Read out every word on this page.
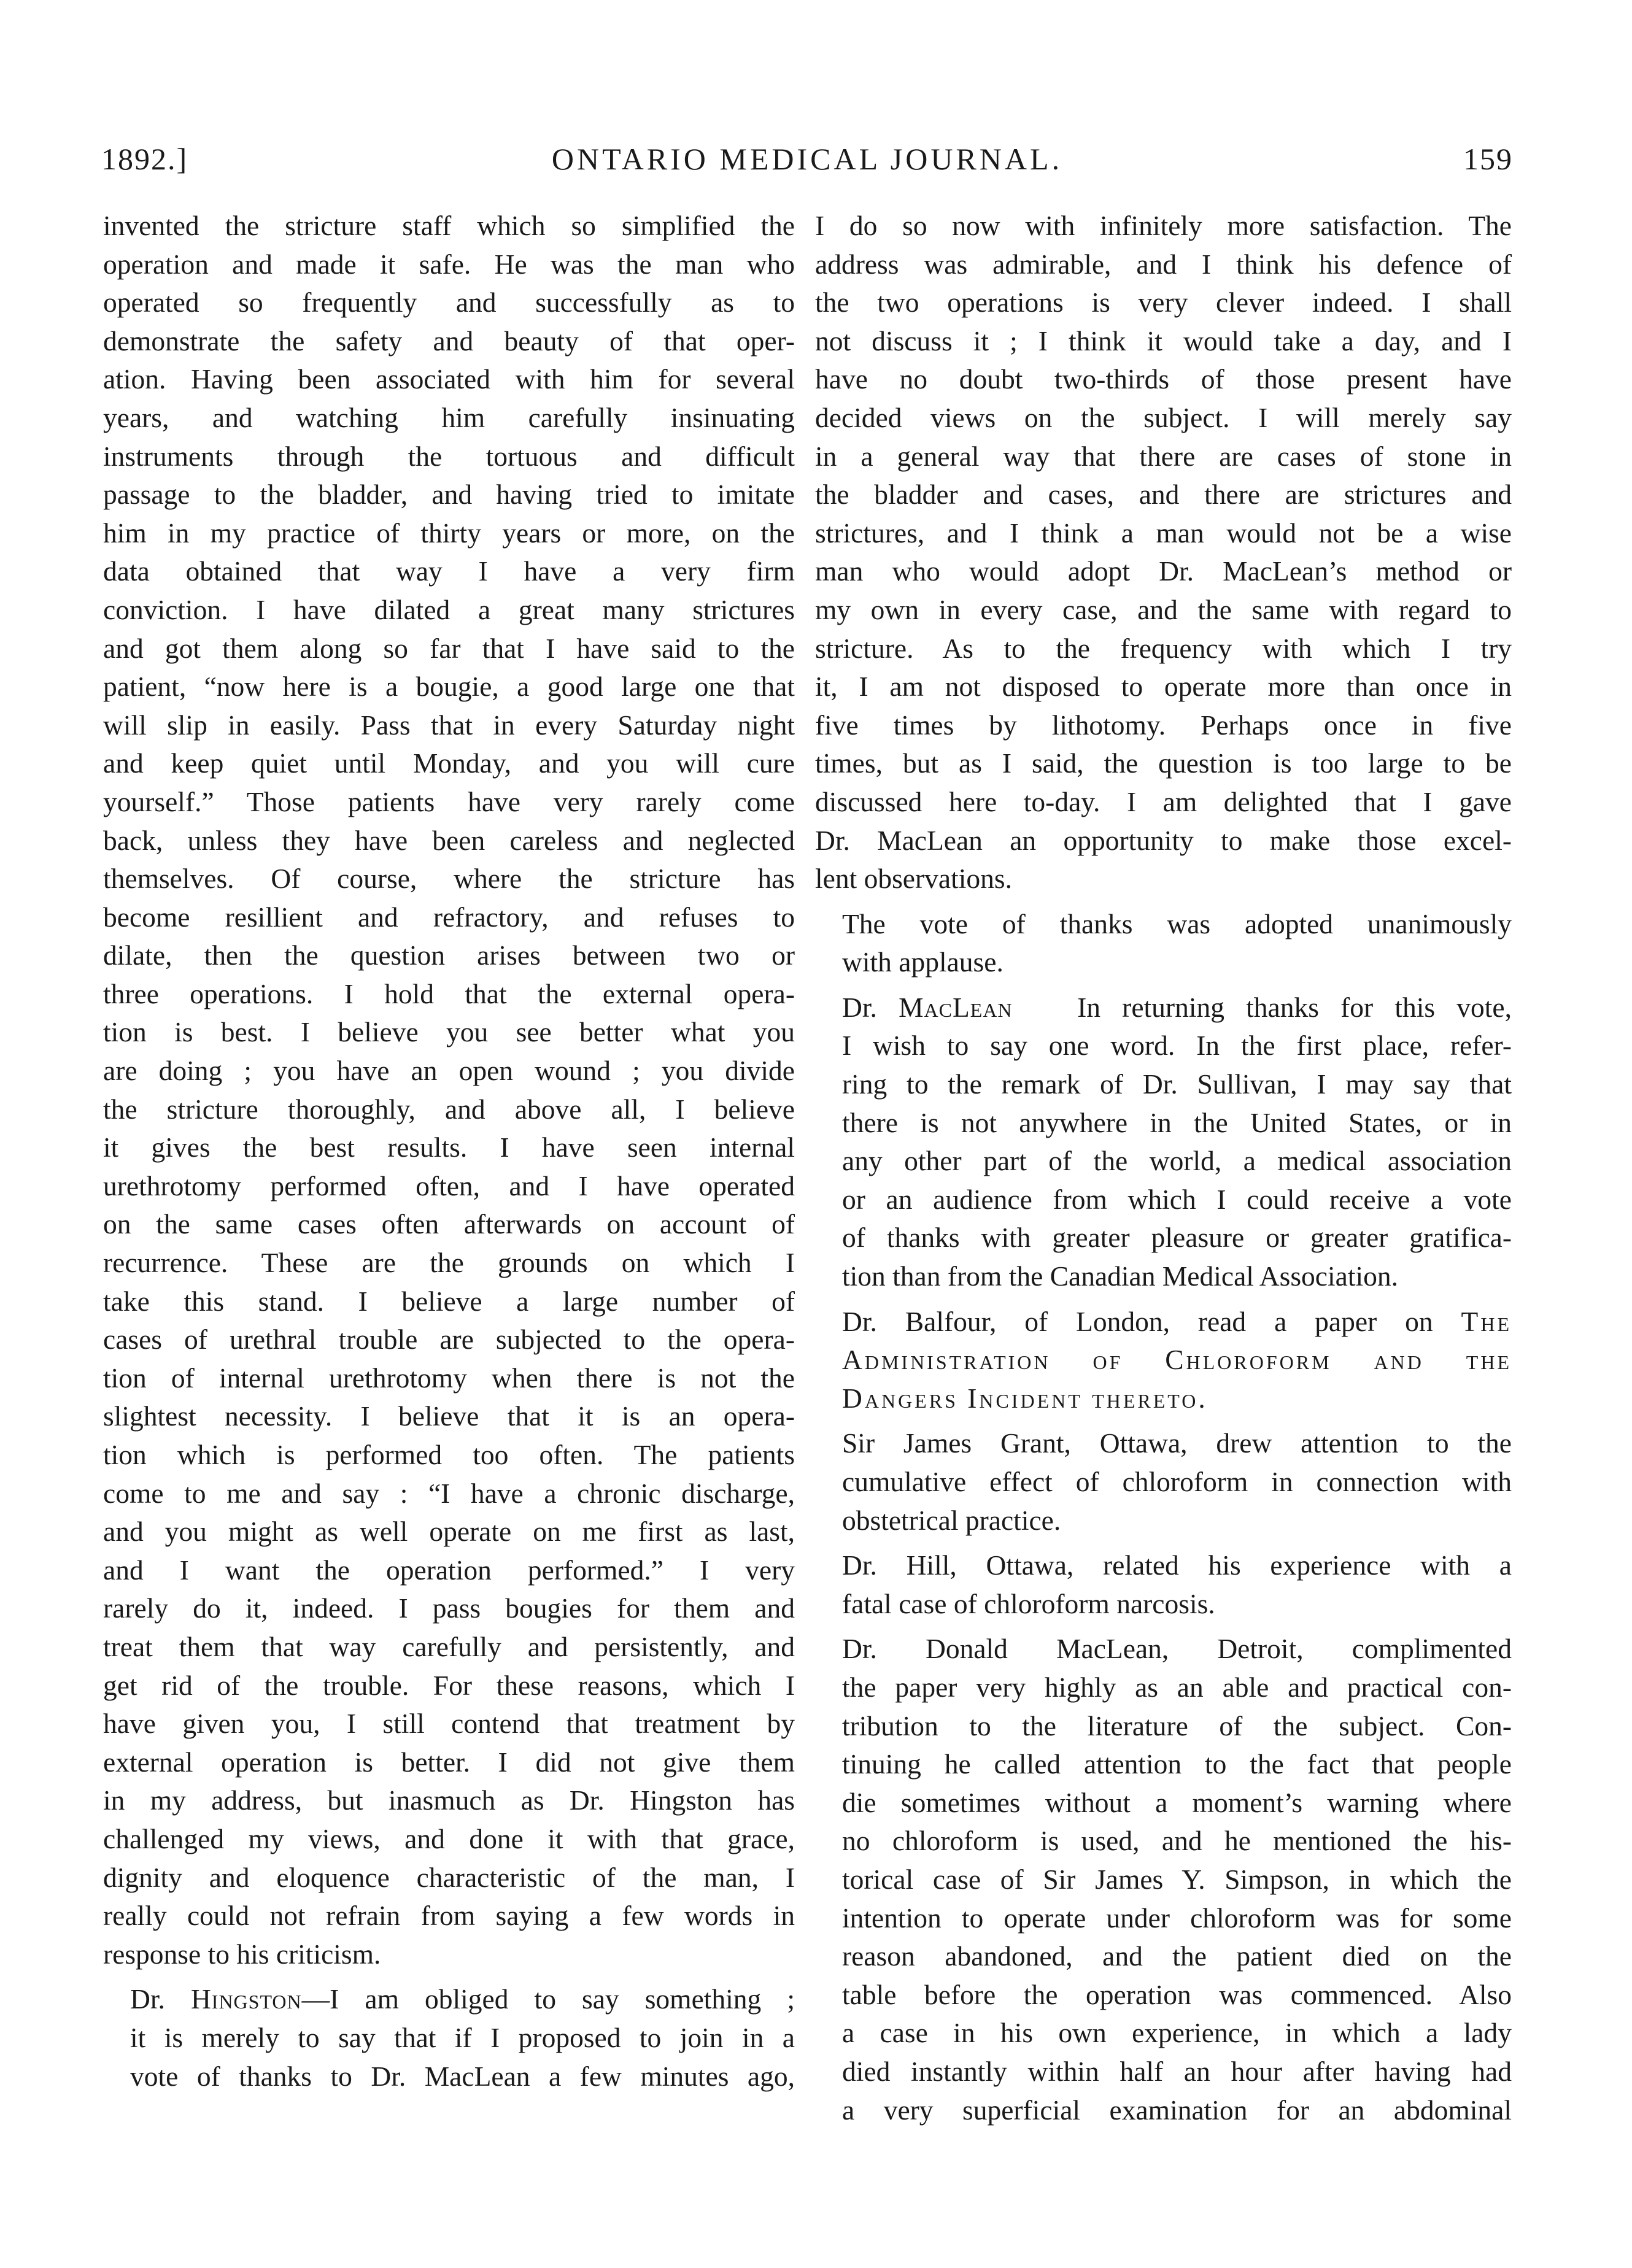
1892.]	ONTARIO MEDICAL JOURNAL.	159

invented the stricture staff which so simplified the
operation and made it safe. He was the man who
operated so frequently and successfully as to
demonstrate the safety and beauty of that oper-
ation. Having been associated with him for several
years, and watching him carefully insinuating
instruments through the tortuous and difficult
passage to the bladder, and having tried to imitate
him in my practice of thirty years or more, on the
data obtained that way I have a very firm
conviction. I have dilated a great many strictures
and got them along so far that I have said to the
patient, “now here is a bougie, a good large one that
will slip in easily. Pass that in every Saturday night
and keep quiet until Monday, and you will cure
yourself.” Those patients have very rarely come
back, unless they have been careless and neglected
themselves. Of course, where the stricture has
become resillient and refractory, and refuses to
dilate, then the question arises between two or
three operations. I hold that the external opera-
tion is best. I believe you see better what you
are doing ; you have an open wound ; you divide
the stricture thoroughly, and above all, I believe
it gives the best results. I have seen internal
urethrotomy performed often, and I have operated
on the same cases often afterwards on account of
recurrence. These are the grounds on which I
take this stand. I believe a large number of
cases of urethral trouble are subjected to the opera-
tion of internal urethrotomy when there is not the
slightest necessity. I believe that it is an opera-
tion which is performed too often. The patients
come to me and say : “I have a chronic discharge,
and you might as well operate on me first as last,
and I want the operation performed.” I very
rarely do it, indeed. I pass bougies for them and
treat them that way carefully and persistently, and
get rid of the trouble. For these reasons, which I
have given you, I still contend that treatment by
external operation is better. I did not give them
in my address, but inasmuch as Dr. Hingston has
challenged my views, and done it with that grace,
dignity and eloquence characteristic of the man, I
really could not refrain from saying a few words in
response to his criticism.

Dr. Hingston—I am obliged to say something ;
it is merely to say that if I proposed to join in a
vote of thanks to Dr. MacLean a few minutes ago,

I do so now with infinitely more satisfaction. The
address was admirable, and I think his defence of
the two operations is very clever indeed. I shall
not discuss it ; I think it would take a day, and I
have no doubt two-thirds of those present have
decided views on the subject. I will merely say
in a general way that there are cases of stone in
the bladder and cases, and there are strictures and
strictures, and I think a man would not be a wise
man who would adopt Dr. MacLean’s method or
my own in every case, and the same with regard to
stricture. As to the frequency with which I try
it, I am not disposed to operate more than once in
five times by lithotomy. Perhaps once in five
times, but as I said, the question is too large to be
discussed here to-day. I am delighted that I gave
Dr. MacLean an opportunity to make those excel-
lent observations.

The vote of thanks was adopted unanimously
with applause.

Dr. MacLean In returning thanks for this vote,
I wish to say one word. In the first place, refer-
ring to the remark of Dr. Sullivan, I may say that
there is not anywhere in the United States, or in
any other part of the world, a medical association
or an audience from which I could receive a vote
of thanks with greater pleasure or greater gratifica-
tion than from the Canadian Medical Association.

Dr. Balfour, of London, read a paper on The
Administration of Chloroform and the
Dangers Incident thereto.

Sir James Grant, Ottawa, drew attention to the
cumulative effect of chloroform in connection with
obstetrical practice.

Dr. Hill, Ottawa, related his experience with a
fatal case of chloroform narcosis.

Dr. Donald MacLean, Detroit, complimented
the paper very highly as an able and practical con-
tribution to the literature of the subject. Con-
tinuing he called attention to the fact that people
die sometimes without a moment’s warning where
no chloroform is used, and he mentioned the his-
torical case of Sir James Y. Simpson, in which the
intention to operate under chloroform was for some
reason abandoned, and the patient died on the
table before the operation was commenced. Also
a case in his own experience, in which a lady
died instantly within half an hour after having had
a very superficial examination for an abdominal
